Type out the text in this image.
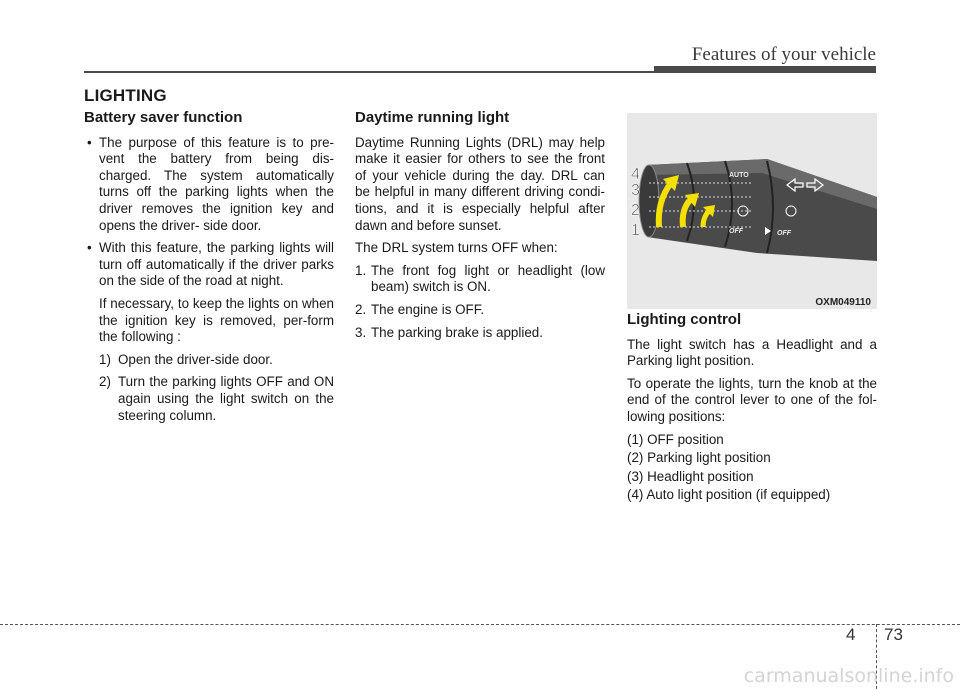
Features of your vehicle
LIGHTING
Battery saver function
• The purpose of this feature is to pre-vent the battery from being dis-charged. The system automatically turns off the parking lights when the driver removes the ignition key and opens the driver- side door.
• With this feature, the parking lights will turn off automatically if the driver parks on the side of the road at night.

If necessary, to keep the lights on when the ignition key is removed, per-form the following :

1) Open the driver-side door.
2) Turn the parking lights OFF and ON again using the light switch on the steering column.
Daytime running light

Daytime Running Lights (DRL) may help make it easier for others to see the front of your vehicle during the day. DRL can be helpful in many different driving condi-tions, and it is especially helpful after dawn and before sunset.

The DRL system turns OFF when:

1. The front fog light or headlight (low beam) switch is ON.
2. The engine is OFF.
3. The parking brake is applied.
AUTO
OFF	OFF
4
3
2
1
OXM049110
Lighting control

The light switch has a Headlight and a Parking light position.

To operate the lights, turn the knob at the end of the control lever to one of the fol-lowing positions:

(1) OFF position
(2) Parking light position
(3) Headlight position
(4) Auto light position (if equipped)
4 73
carmanualsonline.info
